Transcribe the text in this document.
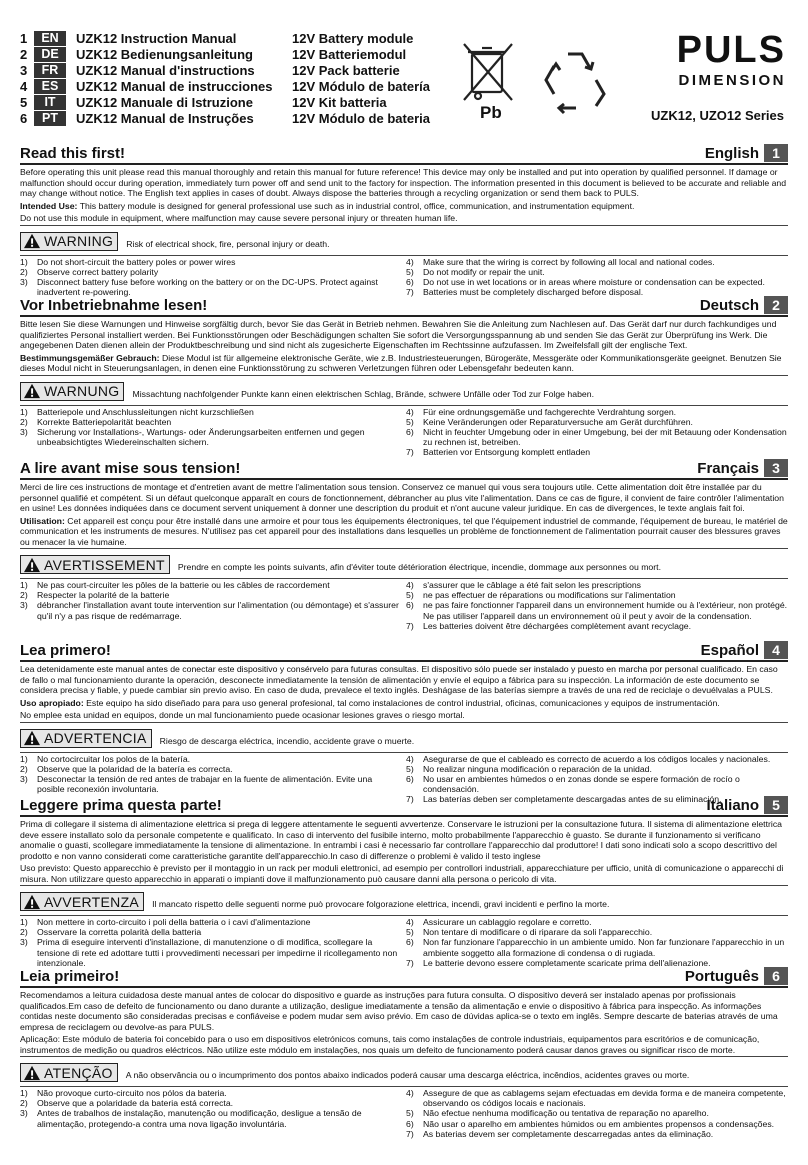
1	EN	UZK12 Instruction Manual	12V Battery module
2	DE	UZK12 Bedienungsanleitung	12V Batteriemodul
3	FR	UZK12 Manual d'instructions	12V Pack batterie
4	ES	UZK12 Manual de instrucciones	12V Módulo de batería
5	IT	UZK12 Manuale di Istruzione	12V Kit batteria
6	PT	UZK12 Manual de Instruções	12V Módulo de bateria	Pb
PULS
DIMENSION
UZK12, UZO12 Series
Read this first!	English 1
Before operating this unit please read this manual thoroughly and retain this manual for future reference! This device may only be installed and put into operation by qualified personnel. If damage or malfunction should occur during operation, immediately turn power off and send unit to the factory for inspection. The information presented in this document is believed to be accurate and reliable and may change without notice. The English text applies in cases of doubt. Always dispose the batteries through a recycling organization or send them back to PULS.
Intended Use: This battery module is designed for general professional use such as in industrial control, office, communication, and instrumentation equipment.
Do not use this module in equipment, where malfunction may cause severe personal injury or threaten human life.
WARNING Risk of electrical shock, fire, personal injury or death.
1)	Do not short-circuit the battery poles or power wires
2)	Observe correct battery polarity
3)	Disconnect battery fuse before working on the battery or on the DC-UPS. Protect against inadvertent re-powering.
4)	Make sure that the wiring is correct by following all local and national codes.
5)	Do not modify or repair the unit.
6)	Do not use in wet locations or in areas where moisture or condensation can be expected.
7)	Batteries must be completely discharged before disposal.
Vor Inbetriebnahme lesen!	Deutsch 2
Bitte lesen Sie diese Warnungen und Hinweise sorgfältig durch, bevor Sie das Gerät in Betrieb nehmen. Bewahren Sie die Anleitung zum Nachlesen auf. Das Gerät darf nur durch fachkundiges und qualifiziertes Personal installiert werden. Bei Funktionsstörungen oder Beschädigungen schalten Sie sofort die Versorgungsspannung ab und senden Sie das Gerät zur Überprüfung ins Werk. Die angegebenen Daten dienen allein der Produktbeschreibung und sind nicht als zugesicherte Eigenschaften im Rechtssinne aufzufassen. Im Zweifelsfall gilt der englische Text.
Bestimmungsgemäßer Gebrauch: Diese Modul ist für allgemeine elektronische Geräte, wie z.B. Industriesteuerungen, Bürogeräte, Messgeräte oder Kommunikationsgeräte geeignet. Benutzen Sie dieses Modul nicht in Steuerungsanlagen, in denen eine Funktionsstörung zu schweren Verletzungen führen oder Lebensgefahr bedeuten kann.
WARNUNG Missachtung nachfolgender Punkte kann einen elektrischen Schlag, Brände, schwere Unfälle oder Tod zur Folge haben.
1)	Batteriepole und Anschlussleitungen nicht kurzschließen
2)	Korrekte Batteriepolarität beachten
3)	Sicherung vor Installations-, Wartungs- oder Änderungsarbeiten entfernen und gegen unbeabsichtigtes Wiedereinschalten sichern.
4)	Für eine ordnungsgemäße und fachgerechte Verdrahtung sorgen.
5)	Keine Veränderungen oder Reparaturversuche am Gerät durchführen.
6)	Nicht in feuchter Umgebung oder in einer Umgebung, bei der mit Betauung oder Kondensation zu rechnen ist, betreiben.
7)	Batterien vor Entsorgung komplett entladen
A lire avant mise sous tension!	Français 3
Merci de lire ces instructions de montage et d'entretien avant de mettre l'alimentation sous tension. Conservez ce manuel qui vous sera toujours utile. Cette alimentation doit être installée par du personnel qualifié et compétent. Si un défaut quelconque apparaît en cours de fonctionnement, débrancher au plus vite l'alimentation. Dans ce cas de figure, il convient de faire contrôler l'alimentation en usine! Les données indiquées dans ce document servent uniquement à donner une description du produit et n'ont aucune valeur juridique. En cas de divergences, le texte anglais fait foi.
Utilisation: Cet appareil est conçu pour être installé dans une armoire et pour tous les équipements électroniques, tel que l'équipement industriel de commande, l'équipement de bureau, le matériel de communication et les instruments de mesures. N'utilisez pas cet appareil pour des installations dans lesquelles un problème de fonctionnement de l'alimentation pourrait causer des blessures graves ou menacer la vie humaine.
AVERTISSEMENT Prendre en compte les points suivants, afin d'éviter toute détérioration électrique, incendie, dommage aux personnes ou mort.
1)	Ne pas court-circuiter les pôles de la batterie ou les câbles de raccordement
2)	Respecter la polarité de la batterie
3)	débrancher l'installation avant toute intervention sur l'alimentation (ou démontage) et s'assurer qu'il n'y a pas risque de redémarrage.
4)	s'assurer que le câblage a été fait selon les prescriptions
5)	ne pas effectuer de réparations ou modifications sur l'alimentation
6)	ne pas faire fonctionner l'appareil dans un environnement humide ou à l'extérieur, non protégé. Ne pas utiliser l'appareil dans un environnement où il peut y avoir de la condensation.
7)	Les batteries doivent être déchargées complètement avant recyclage.
Lea primero!	Español 4
Lea detenidamente este manual antes de conectar este dispositivo y consérvelo para futuras consultas. El dispositivo sólo puede ser instalado y puesto en marcha por personal cualificado. En caso de fallo o mal funcionamiento durante la operación, desconecte inmediatamente la tensión de alimentación y envíe el equipo a fábrica para su inspección. La información de este documento se considera precisa y fiable, y puede cambiar sin previo aviso. En caso de duda, prevalece el texto inglés. Deshágase de las baterías siempre a través de una red de reciclaje o devuélvalas a PULS.
Uso apropiado: Este equipo ha sido diseñado para para uso general profesional, tal como instalaciones de control industrial, oficinas, comunicaciones y equipos de instrumentación.
No emplee esta unidad en equipos, donde un mal funcionamiento puede ocasionar lesiones graves o riesgo mortal.
ADVERTENCIA Riesgo de descarga eléctrica, incendio, accidente grave o muerte.
1)	No cortocircuitar los polos de la batería.
2)	Observe que la polaridad de la batería es correcta.
3)	Desconectar la tensión de red antes de trabajar en la fuente de alimentación. Evite una posible reconexión involuntaria.
4)	Asegurarse de que el cableado es correcto de acuerdo a los códigos locales y nacionales.
5)	No realizar ninguna modificación o reparación de la unidad.
6)	No usar en ambientes húmedos o en zonas donde se espere formación de rocío o condensación.
7)	Las baterías deben ser completamente descargadas antes de su eliminación.
Leggere prima questa parte!	Italiano 5
Prima di collegare il sistema di alimentazione elettrica si prega di leggere attentamente le seguenti avvertenze. Conservare le istruzioni per la consultazione futura. Il sistema di alimentazione elettrica deve essere installato solo da personale competente e qualificato. In caso di intervento del fusibile interno, molto probabilmente l'apparecchio è guasto. Se durante il funzionamento si verificano anomalie o guasti, scollegare immediatamente la tensione di alimentazione. In entrambi i casi è necessario far controllare l'apparecchio dal produttore! I dati sono indicati solo a scopo descrittivo del prodotto e non vanno considerati come caratteristiche garantite dell'apparecchio.In caso di differenze o problemi è valido il testo inglese
Uso previsto: Questo apparecchio è previsto per il montaggio in un rack per moduli elettronici, ad esempio per controllori industriali, apparecchiature per ufficio, unità di comunicazione o apparecchi di misura. Non utilizzare questo apparecchio in apparati o impianti dove il malfunzionamento può causare danni alla persona o pericolo di vita.
AVVERTENZA Il mancato rispetto delle seguenti norme può provocare folgorazione elettrica, incendi, gravi incidenti e perfino la morte.
1)	Non mettere in corto-circuito i poli della batteria o i cavi d'alimentazione
2)	Osservare la corretta polarità della batteria
3)	Prima di eseguire interventi d'installazione, di manutenzione o di modifica, scollegare la tensione di rete ed adottare tutti i provvedimenti necessari per impedirne il ricollegamento non intenzionale.
4)	Assicurare un cablaggio regolare e corretto.
5)	Non tentare di modificare o di riparare da soli l'apparecchio.
6)	Non far funzionare l'apparecchio in un ambiente umido. Non far funzionare l'apparecchio in un ambiente soggetto alla formazione di condensa o di rugiada.
7)	Le batterie devono essere completamente scaricate prima dell'alienazione.
Leia primeiro!	Português 6
Recomendamos a leitura cuidadosa deste manual antes de colocar do dispositivo e guarde as instruções para futura consulta. O dispositivo deverá ser instalado apenas por profissionais qualificados.Em caso de defeito de funcionamento ou dano durante a utilização, desligue imediatamente a tensão da alimentação e envie o dispositivo à fábrica para inspecção. As informações contidas neste documento são consideradas precisas e confiáveise e podem mudar sem aviso prévio. Em caso de dúvidas aplica-se o texto em inglês. Sempre descarte de baterias através de uma empresa de reciclagem ou devolve-as para PULS.
Aplicação: Este módulo de bateria foi concebido para o uso em dispositivos eletrónicos comuns, tais como instalações de controle industriais, equipamentos para escritórios e de comunicação, instrumentos de medição ou quadros eléctricos. Não utilize este módulo em instalações, nos quais um defeito de funcionamento poderá causar danos graves ou significar risco de morte.
ATENÇÃO A não observância ou o incumprimento dos pontos abaixo indicados poderá causar uma descarga eléctrica, incêndios, acidentes graves ou morte.
1)	Não provoque curto-circuito nos pólos da bateria.
2)	Observe que a polaridade da bateria está correcta.
3)	Antes de trabalhos de instalação, manutenção ou modificação, desligue a tensão de alimentação, protegendo-a contra uma nova ligação involuntária.
4)	Assegure de que as cablagems sejam efectuadas em devida forma e de maneira competente, observando os códigos locais e nacionais.
5)	Não efectue nenhuma modificação ou tentativa de reparação no aparelho.
6)	Não usar o aparelho em ambientes húmidos ou em ambientes propensos a condensações.
7)	As baterias devem ser completamente descarregadas antes da eliminação.
